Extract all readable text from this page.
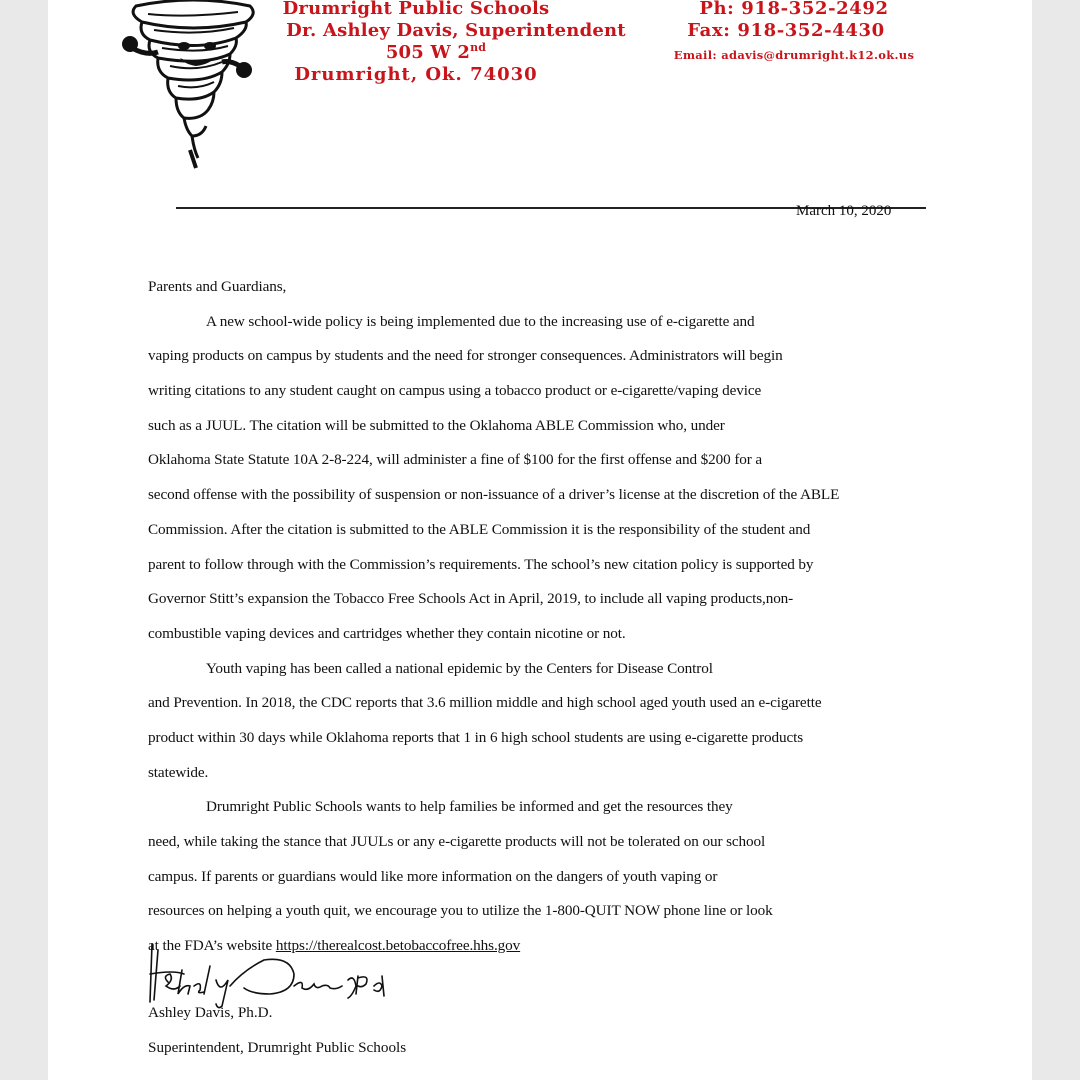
Drumright Public Schools
Dr. Ashley Davis, Superintendent
505 W 2nd
Drumright, Ok. 74030
Ph: 918-352-2492
Fax: 918-352-4430
Email: adavis@drumright.k12.ok.us
March 10, 2020
Parents and Guardians,
A new school-wide policy is being implemented due to the increasing use of e-cigarette and
vaping products on campus by students and the need for stronger consequences. Administrators will begin
writing citations to any student caught on campus using a tobacco product or e-cigarette/vaping device
such as a JUUL. The citation will be submitted to the Oklahoma ABLE Commission who, under
Oklahoma State Statute 10A 2-8-224, will administer a fine of $100 for the first offense and $200 for a
second offense with the possibility of suspension or non-issuance of a driver’s license at the discretion of the ABLE
Commission. After the citation is submitted to the ABLE Commission it is the responsibility of the student and
parent to follow through with the Commission’s requirements. The school’s new citation policy is supported by
Governor Stitt’s expansion the Tobacco Free Schools Act in April, 2019, to include all vaping products,non-
combustible vaping devices and cartridges whether they contain nicotine or not.
Youth vaping has been called a national epidemic by the Centers for Disease Control
and Prevention. In 2018, the CDC reports that 3.6 million middle and high school aged youth used an e-cigarette
product within 30 days while Oklahoma reports that 1 in 6 high school students are using e-cigarette products
statewide.
Drumright Public Schools wants to help families be informed and get the resources they
need, while taking the stance that JUULs or any e-cigarette products will not be tolerated on our school
campus. If parents or guardians would like more information on the dangers of youth vaping or
resources on helping a youth quit, we encourage you to utilize the 1-800-QUIT NOW phone line or look
at the FDA’s website https://therealcost.betobaccofree.hhs.gov
Ashley Davis, Ph.D.
Superintendent, Drumright Public Schools
